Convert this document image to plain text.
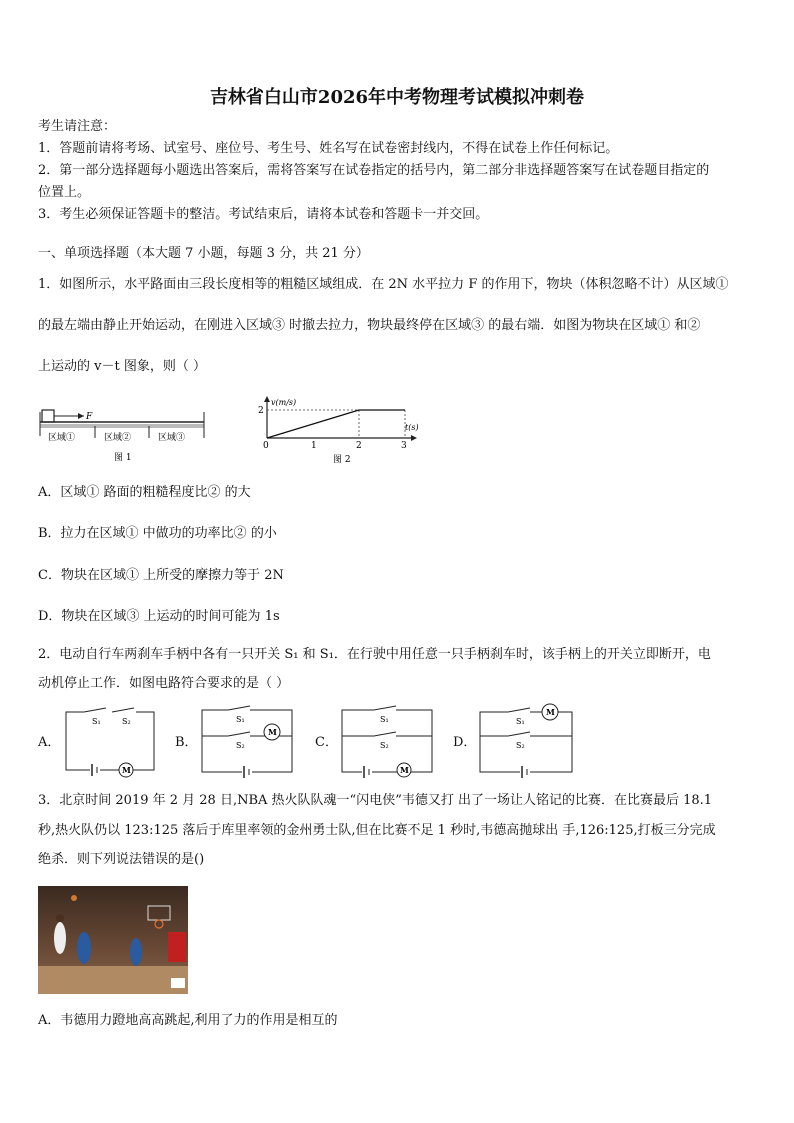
吉林省白山市2026年中考物理考试模拟冲刺卷
考生请注意：
1．答题前请将考场、试室号、座位号、考生号、姓名写在试卷密封线内，不得在试卷上作任何标记。
2．第一部分选择题每小题选出答案后，需将答案写在试卷指定的括号内，第二部分非选择题答案写在试卷题目指定的
位置上。
3．考生必须保证答题卡的整洁。考试结束后，请将本试卷和答题卡一并交回。
一、单项选择题（本大题 7 小题，每题 3 分，共 21 分）
1．如图所示，水平路面由三段长度相等的粗糙区域组成．在 2N 水平拉力 F 的作用下，物块（体积忽略不计）从区域①
的最左端由静止开始运动，在刚进入区域③ 时撤去拉力，物块最终停在区域③ 的最右端．如图为物块在区域① 和②
上运动的 v－t 图象，则（ ）
F
区域①	区域②	区域③
图 1
v(m/s)
t(s)
2
0	1	2	3
图 2
A．区域① 路面的粗糙程度比② 的大
B．拉力在区域① 中做功的功率比② 的小
C．物块在区域① 上所受的摩擦力等于 2N
D．物块在区域③ 上运动的时间可能为 1s
2．电动自行车两刹车手柄中各有一只开关 S₁ 和 S₁．在行驶中用任意一只手柄刹车时，该手柄上的开关立即断开，电
动机停止工作．如图电路符合要求的是（ ）
A．
S₁	S₂
M
B．
S₁
S₂
M
C．
S₁
S₂
M
D．
S₁
M
S₂
3．北京时间 2019 年 2 月 28 日,NBA 热火队队魂一“闪电侠”韦德又打 出了一场让人铭记的比赛．在比赛最后 18.1
秒,热火队仍以 123:125 落后于库里率领的金州勇士队,但在比赛不足 1 秒时,韦德高抛球出 手,126:125,打板三分完成
绝杀．则下列说法错误的是()
A．韦德用力蹬地高高跳起,利用了力的作用是相互的
